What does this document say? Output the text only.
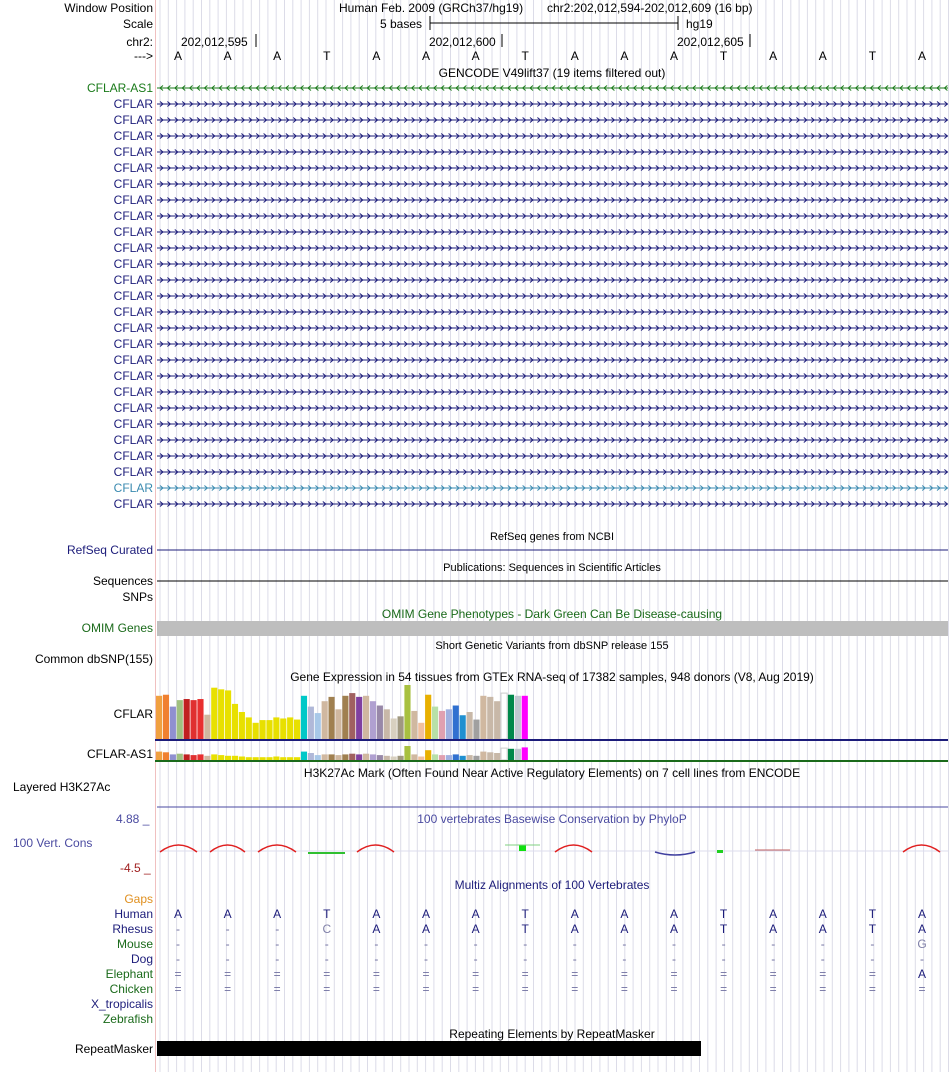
Window Position	Human Feb. 2009 (GRCh37/hg19) chr2:202,012,594-202,012,609 (16 bp)
Scale	5 bases	hg19
chr2: 202,012,595	202,012,600	202,012,605
---> A	A	A	T	A	A	A	T	A	A	A	T	A	A	T	A
GENCODE V49lift37 (19 items filtered out)
CFLAR-AS1
CFLAR
CFLAR
CFLAR
CFLAR
CFLAR
CFLAR
CFLAR
CFLAR
CFLAR
CFLAR
CFLAR
CFLAR
CFLAR
CFLAR
CFLAR
CFLAR
CFLAR
CFLAR
CFLAR
CFLAR
CFLAR
CFLAR
CFLAR
CFLAR
CFLAR
CFLAR
RefSeq genes from NCBI
RefSeq Curated
Publications: Sequences in Scientific Articles
Sequences
SNPs
OMIM Gene Phenotypes - Dark Green Can Be Disease-causing
OMIM Genes
Short Genetic Variants from dbSNP release 155
Common dbSNP(155)
Gene Expression in 54 tissues from GTEx RNA-seq of 17382 samples, 948 donors (V8, Aug 2019)
CFLAR
CFLAR-AS1
H3K27Ac Mark (Often Found Near Active Regulatory Elements) on 7 cell lines from ENCODE
Layered H3K27Ac
100 vertebrates Basewise Conservation by PhyloP
4.88 _
100 Vert. Cons
-4.5 _
Multiz Alignments of 100 Vertebrates
Gaps
Human A	A	A	T	A	A	A	T	A	A	A	T	A	A	T	A
Rhesus -	-	-	C	A	A	A	T	A	A	A	T	A	A	T	A
Mouse -	-	-	-	-	-	-	-	-	-	-	-	-	-	-	G
Dog -	-	-	-	-	-	-	-	-	-	-	-	-	-	-	-
Elephant =	=	=	=	=	=	=	=	=	=	=	=	=	=	=	A
Chicken =	=	=	=	=	=	=	=	=	=	=	=	=	=	=	=
X_tropicalis
Zebrafish
Repeating Elements by RepeatMasker
RepeatMasker
